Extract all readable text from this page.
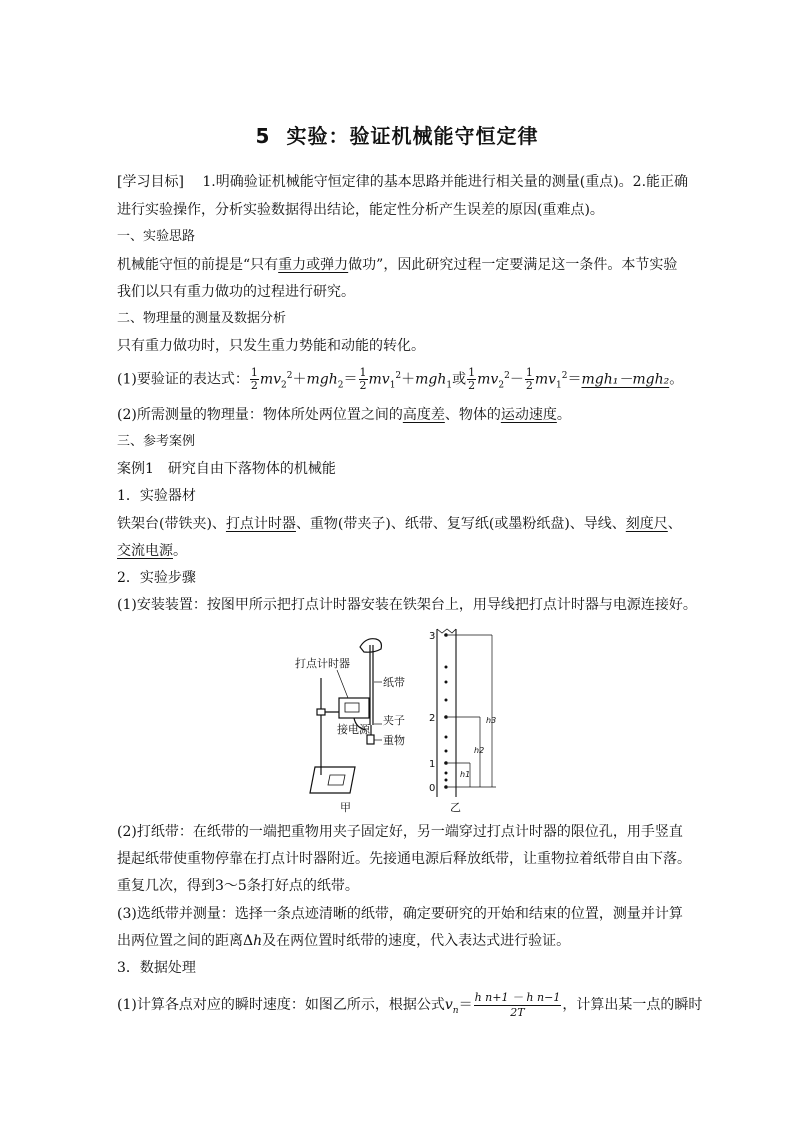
5 实验：验证机械能守恒定律
[学习目标] 1.明确验证机械能守恒定律的基本思路并能进行相关量的测量(重点)。2.能正确
进行实验操作，分析实验数据得出结论，能定性分析产生误差的原因(重难点)。
一、实验思路
机械能守恒的前提是“只有重力或弹力做功”，因此研究过程一定要满足这一条件。本节实验
我们以只有重力做功的过程进行研究。
二、物理量的测量及数据分析
只有重力做功时，只发生重力势能和动能的转化。
(1)要验证的表达式： $\frac{1}{2} mv_2^2+mgh_2= \frac{1}{2} mv_1^2+mgh_1$或 $\frac{1}{2} mv_2^2- \frac{1}{2} mv_1^2=mgh_1-mgh_2$。
(2)所需测量的物理量：物体所处两位置之间的高度差、物体的运动速度。
三、参考案例
案例1　研究自由下落物体的机械能
1．实验器材
铁架台(带铁夹)、打点计时器、重物(带夹子)、纸带、复写纸(或墨粉纸盘)、导线、刻度尺、
交流电源。
2．实验步骤
(1)安装装置：按图甲所示把打点计时器安装在铁架台上，用导线把打点计时器与电源连接好。
打点计时器
纸带
夹子
接电源
重物
甲
3
2
1
0
h3
h2
h1
乙
(2)打纸带：在纸带的一端把重物用夹子固定好，另一端穿过打点计时器的限位孔，用手竖直
提起纸带使重物停靠在打点计时器附近。先接通电源后释放纸带，让重物拉着纸带自由下落。
重复几次，得到3～5条打好点的纸带。
(3)选纸带并测量：选择一条点迹清晰的纸带，确定要研究的开始和结束的位置，测量并计算
出两位置之间的距离Δh及在两位置时纸带的速度，代入表达式进行验证。
3．数据处理
(1)计算各点对应的瞬时速度：如图乙所示，根据公式$v_n= \frac{\text{h n+1 － h n−1}}{2T}$ ，计算出某一点的瞬时
